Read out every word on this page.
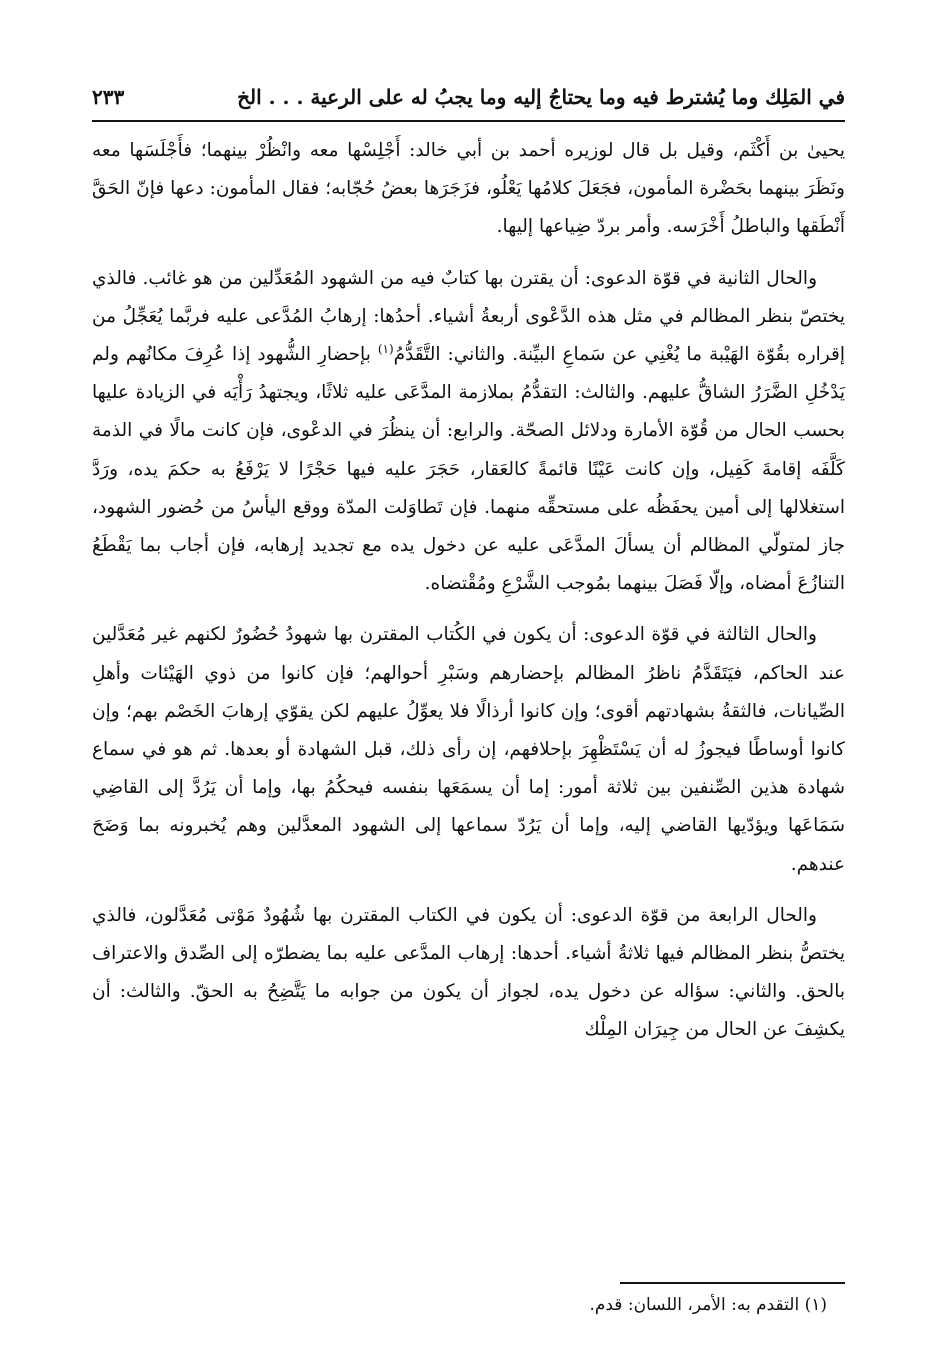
في المَلِك وما يُشترط فيه وما يحتاجُ إليه وما يجبُ له على الرعية . . . الخ
٢٣٣

يحيىٰ بن أَكْثَم، وقيل بل قال لوزيره أحمد بن أبي خالد: أَجْلِسْها معه وانْظُرْ بينهما؛ فأَجْلَسَها معه ونَظَرَ بينهما بحَضْرة المأمون، فجَعَلَ كلامُها يَعْلُو، فزَجَرَها بعضُ حُجّابه؛ فقال المأمون: دعها فإنّ الحَقَّ أَنْطَقها والباطلُ أَخْرَسه. وأمر بردّ ضِياعها إليها.

والحال الثانية في قوّة الدعوى: أن يقترن بها كتابٌ فيه من الشهود المُعَدِّلين من هو غائب. فالذي يختصّ بنظر المظالم في مثل هذه الدَّعْوى أربعةُ أشياء. أحدُها: إرهابُ المُدَّعى عليه فربَّما يُعَجِّلُ من إقراره بقُوّة الهَيْبة ما يُغْنِي عن سَماعِ البيِّنة. والثاني: التَّقَدُّمُ$^{(١)}$ بإحضارِ الشُّهود إذا عُرِفَ مكانُهم ولم يَدْخُلِ الضَّرَرُ الشاقُّ عليهم. والثالث: التقدُّمُ بملازمة المدَّعَى عليه ثلاثًا، ويجتهدُ رَأْيَه في الزيادة عليها بحسب الحال من قُوّة الأمارة ودلائل الصحّة. والرابع: أن ينظُرَ في الدعْوى، فإن كانت مالًا في الذمة كَلَّفَه إقامةَ كَفِيل، وإن كانت عَيْنًا قائمةً كالعَقار، حَجَرَ عليه فيها حَجْرًا لا يَرْفَعُ به حكمَ يده، ورَدَّ استغلالها إلى أمين يحفَظُه على مستحقِّه منهما. فإن تَطاوَلت المدّة ووقع اليأسُ من حُضور الشهود، جاز لمتولّي المظالم أن يسألَ المدَّعَى عليه عن دخول يده مع تجديد إرهابه، فإن أجاب بما يَقْطَعُ التنازُعَ أمضاه، وإلّا فَصَلَ بينهما بمُوجب الشَّرْعِ ومُقْتضاه.

والحال الثالثة في قوّة الدعوى: أن يكون في الكُتاب المقترن بها شهودُ حُضُورٌ لكنهم غير مُعَدَّلين عند الحاكم، فيَتَقَدَّمُ ناظرُ المظالم بإحضارهم وسَبْرِ أحوالهم؛ فإن كانوا من ذوي الهَيْئات وأهلِ الصِّيانات، فالثقةُ بشهادتهم أقوى؛ وإن كانوا أرذالًا فلا يعوِّلُ عليهم لكن يقوّي إرهابَ الخَصْم بهم؛ وإن كانوا أوساطًا فيجوزُ له أن يَسْتَظْهِرَ بإحلافهم، إن رأى ذلك، قبل الشهادة أو بعدها. ثم هو في سماع شهادة هذين الصِّنفين بين ثلاثة أمور: إما أن يسمَعَها بنفسه فيحكُمُ بها، وإما أن يَرُدَّ إلى القاضِي سَمَاعَها ويؤدّيها القاضي إليه، وإما أن يَرُدّ سماعها إلى الشهود المعدَّلين وهم يُخبرونه بما وَضَحَ عندهم.

والحال الرابعة من قوّة الدعوى: أن يكون في الكتاب المقترن بها شُهُودٌ مَوْتى مُعَدَّلون، فالذي يختصُّ بنظر المظالم فيها ثلاثةُ أشياء. أحدها: إرهاب المدَّعى عليه بما يضطرّه إلى الصِّدق والاعتراف بالحق. والثاني: سؤاله عن دخول يده، لجواز أن يكون من جوابه ما يَتَّضِحُ به الحقّ. والثالث: أن يكشِفَ عن الحال من جِيرَان المِلْك

(١) التقدم به: الأمر، اللسان: قدم.
